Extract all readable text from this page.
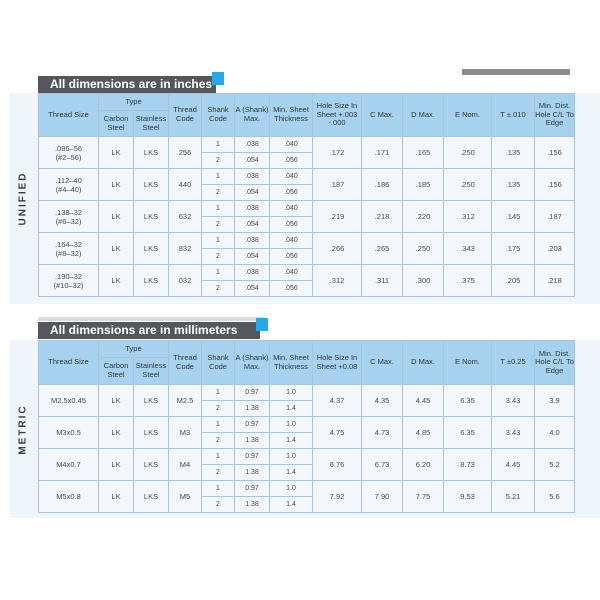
All dimensions are in inches
UNIFIED
Thread Size	Type		Thread Code	Shank Code	A (Shank) Max.	Min. Sheet Thickness	Hole Size In Sheet +.003 -.000	C Max.	D Max.	E Nom.	T ±.010	Min. Dist. Hole C/L To Edge
	Carbon Steel	Stainless Steel										

.086–56
(#2–56)	LK	LKS	256	1	.038	.040	.172	.171	.165	.250	.135	.156
				2	.054	.056						

.112–40
(#4–40)	LK	LKS	440	1	.038	.040	.187	.186	.185	.250	.135	.156
				2	.054	.056						

.138–32
(#6–32)	LK	LKS	632	1	.038	.040	.219	.218	.220	.312	.145	.187
				2	.054	.056						

.164–32
(#8–32)	LK	LKS	832	1	.038	.040	.266	.265	.250	.343	.175	.203
				2	.054	.056						

.190–32
(#10–32)	LK	LKS	032	1	.038	.040	.312	.311	.300	.375	.205	.218
				2	.054	.056						
All dimensions are in millimeters
METRIC
Thread Size	Type		Thread Code	Shank Code	A (Shank) Max.	Min. Sheet Thickness	Hole Size In Sheet +0.08	C Max.	D Max.	E Nom.	T ±0.25	Min. Dist. Hole C/L To Edge
	Carbon Steel	Stainless Steel										

M2.5x0.45	LK	LKS	M2.5	1	0.97	1.0	4.37	4.35	4.45	6.35	3.43	3.9
				2	1.38	1.4						

M3x0.5	LK	LKS	M3	1	0.97	1.0	4.75	4.73	4.85	6.35	3.43	4.0
				2	1.38	1.4						

M4x0.7	LK	LKS	M4	1	0.97	1.0	6.76	6.73	6.20	8.73	4.45	5.2
				2	1.38	1.4						

M5x0.8	LK	LKS	M5	1	0.97	1.0	7.92	7.90	7.75	9.53	5.21	5.6
				2	1.38	1.4						
